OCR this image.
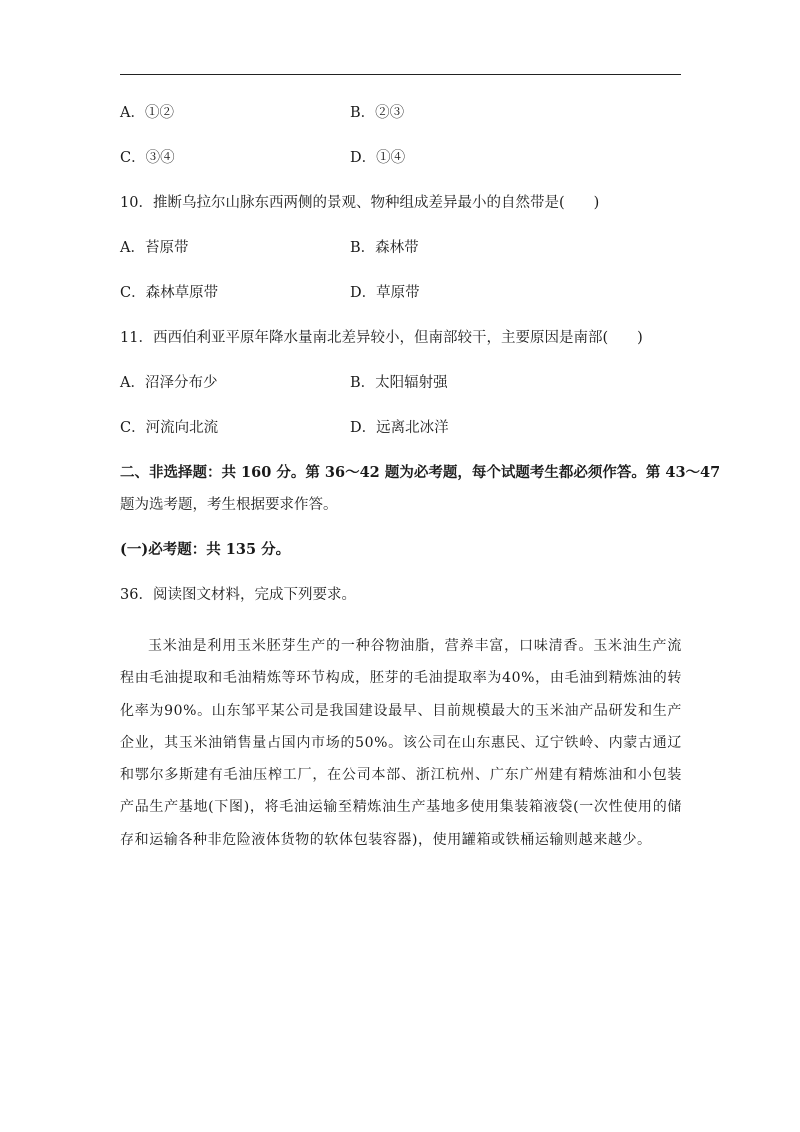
A．①②	B．②③
C．③④	D．①④
10．推断乌拉尔山脉东西两侧的景观、物种组成差异最小的自然带是(　　)
A．苔原带	B．森林带
C．森林草原带	D．草原带
11．西西伯利亚平原年降水量南北差异较小，但南部较干，主要原因是南部(　　)
A．沼泽分布少	B．太阳辐射强
C．河流向北流	D．远离北冰洋
二、非选择题：共 160 分。第 36～42 题为必考题，每个试题考生都必须作答。第 43～47
题为选考题，考生根据要求作答。
(一)必考题：共 135 分。
36．阅读图文材料，完成下列要求。
玉米油是利用玉米胚芽生产的一种谷物油脂，营养丰富，口味清香。玉米油生产流程由毛油提取和毛油精炼等环节构成，胚芽的毛油提取率为40%，由毛油到精炼油的转化率为90%。山东邹平某公司是我国建设最早、目前规模最大的玉米油产品研发和生产企业，其玉米油销售量占国内市场的50%。该公司在山东惠民、辽宁铁岭、内蒙古通辽和鄂尔多斯建有毛油压榨工厂，在公司本部、浙江杭州、广东广州建有精炼油和小包装产品生产基地(下图)，将毛油运输至精炼油生产基地多使用集装箱液袋(一次性使用的储存和运输各种非危险液体货物的软体包装容器)，使用罐箱或铁桶运输则越来越少。
